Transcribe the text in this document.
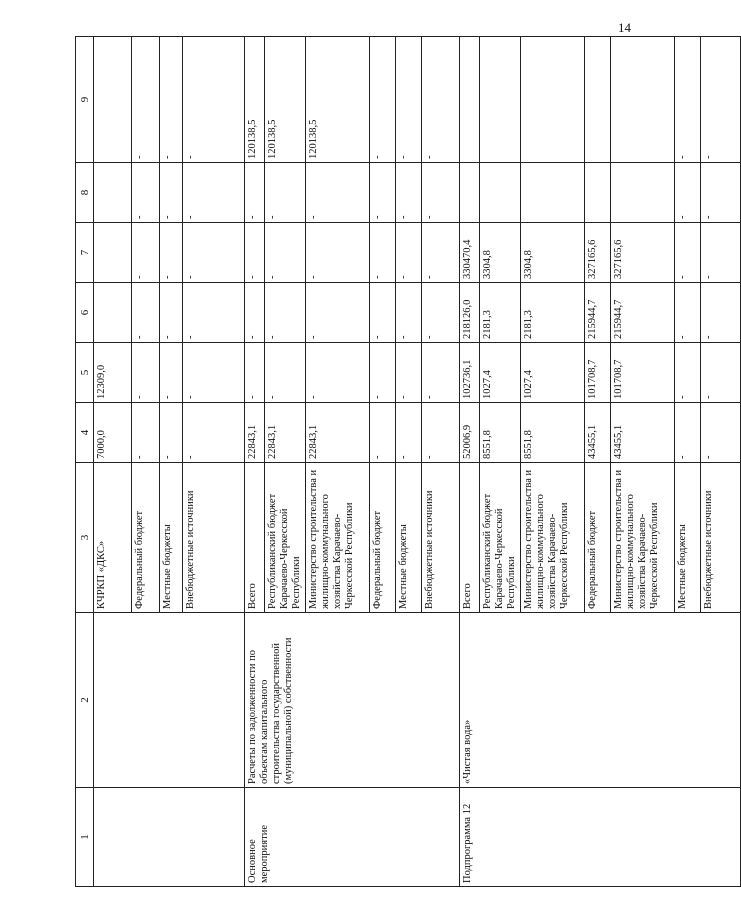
14
1	2	3	4	5	6	7	8	9
		КЧРКП «ДКС»	7000,0	12309,0				
		Федеральный бюджет	-	-	-	-	-	-
		Местные бюджеты	-	-	-	-	-	-
		Внебюджетные источники	-	-	-	-	-	-
Основное мероприятие	Расчеты по задолженности по объектам капитального строительства государственной (муниципальной) собственности	Всего	22843,1	-	-	-	-	120138,5
		Республиканский бюджет Карачаево-Черкесской Республики	22843,1	-	-	-	-	120138,5
		Министерство строительства и жилищно-коммунального хозяйства Карачаево-Черкесской Республики	22843,1	-	-	-	-	120138,5
		Федеральный бюджет	-	-	-	-	-	-
		Местные бюджеты	-	-	-	-	-	-
		Внебюджетные источники	-	-	-	-	-	-
Подпрограмма 12	«Чистая вода»	Всего	52006,9	102736,1	218126,0	330470,4		
		Республиканский бюджет Карачаево-Черкесской Республики	8551,8	1027,4	2181,3	3304,8		
		Министерство строительства и жилищно-коммунального хозяйства Карачаево-Черкесской Республики	8551,8	1027,4	2181,3	3304,8		
		Федеральный бюджет	43455,1	101708,7	215944,7	327165,6		
		Министерство строительства и жилищно-коммунального хозяйства Карачаево-Черкесской Республики	43455,1	101708,7	215944,7	327165,6		
		Местные бюджеты	-	-	-	-	-	-
		Внебюджетные источники	-	-	-	-	-	-
